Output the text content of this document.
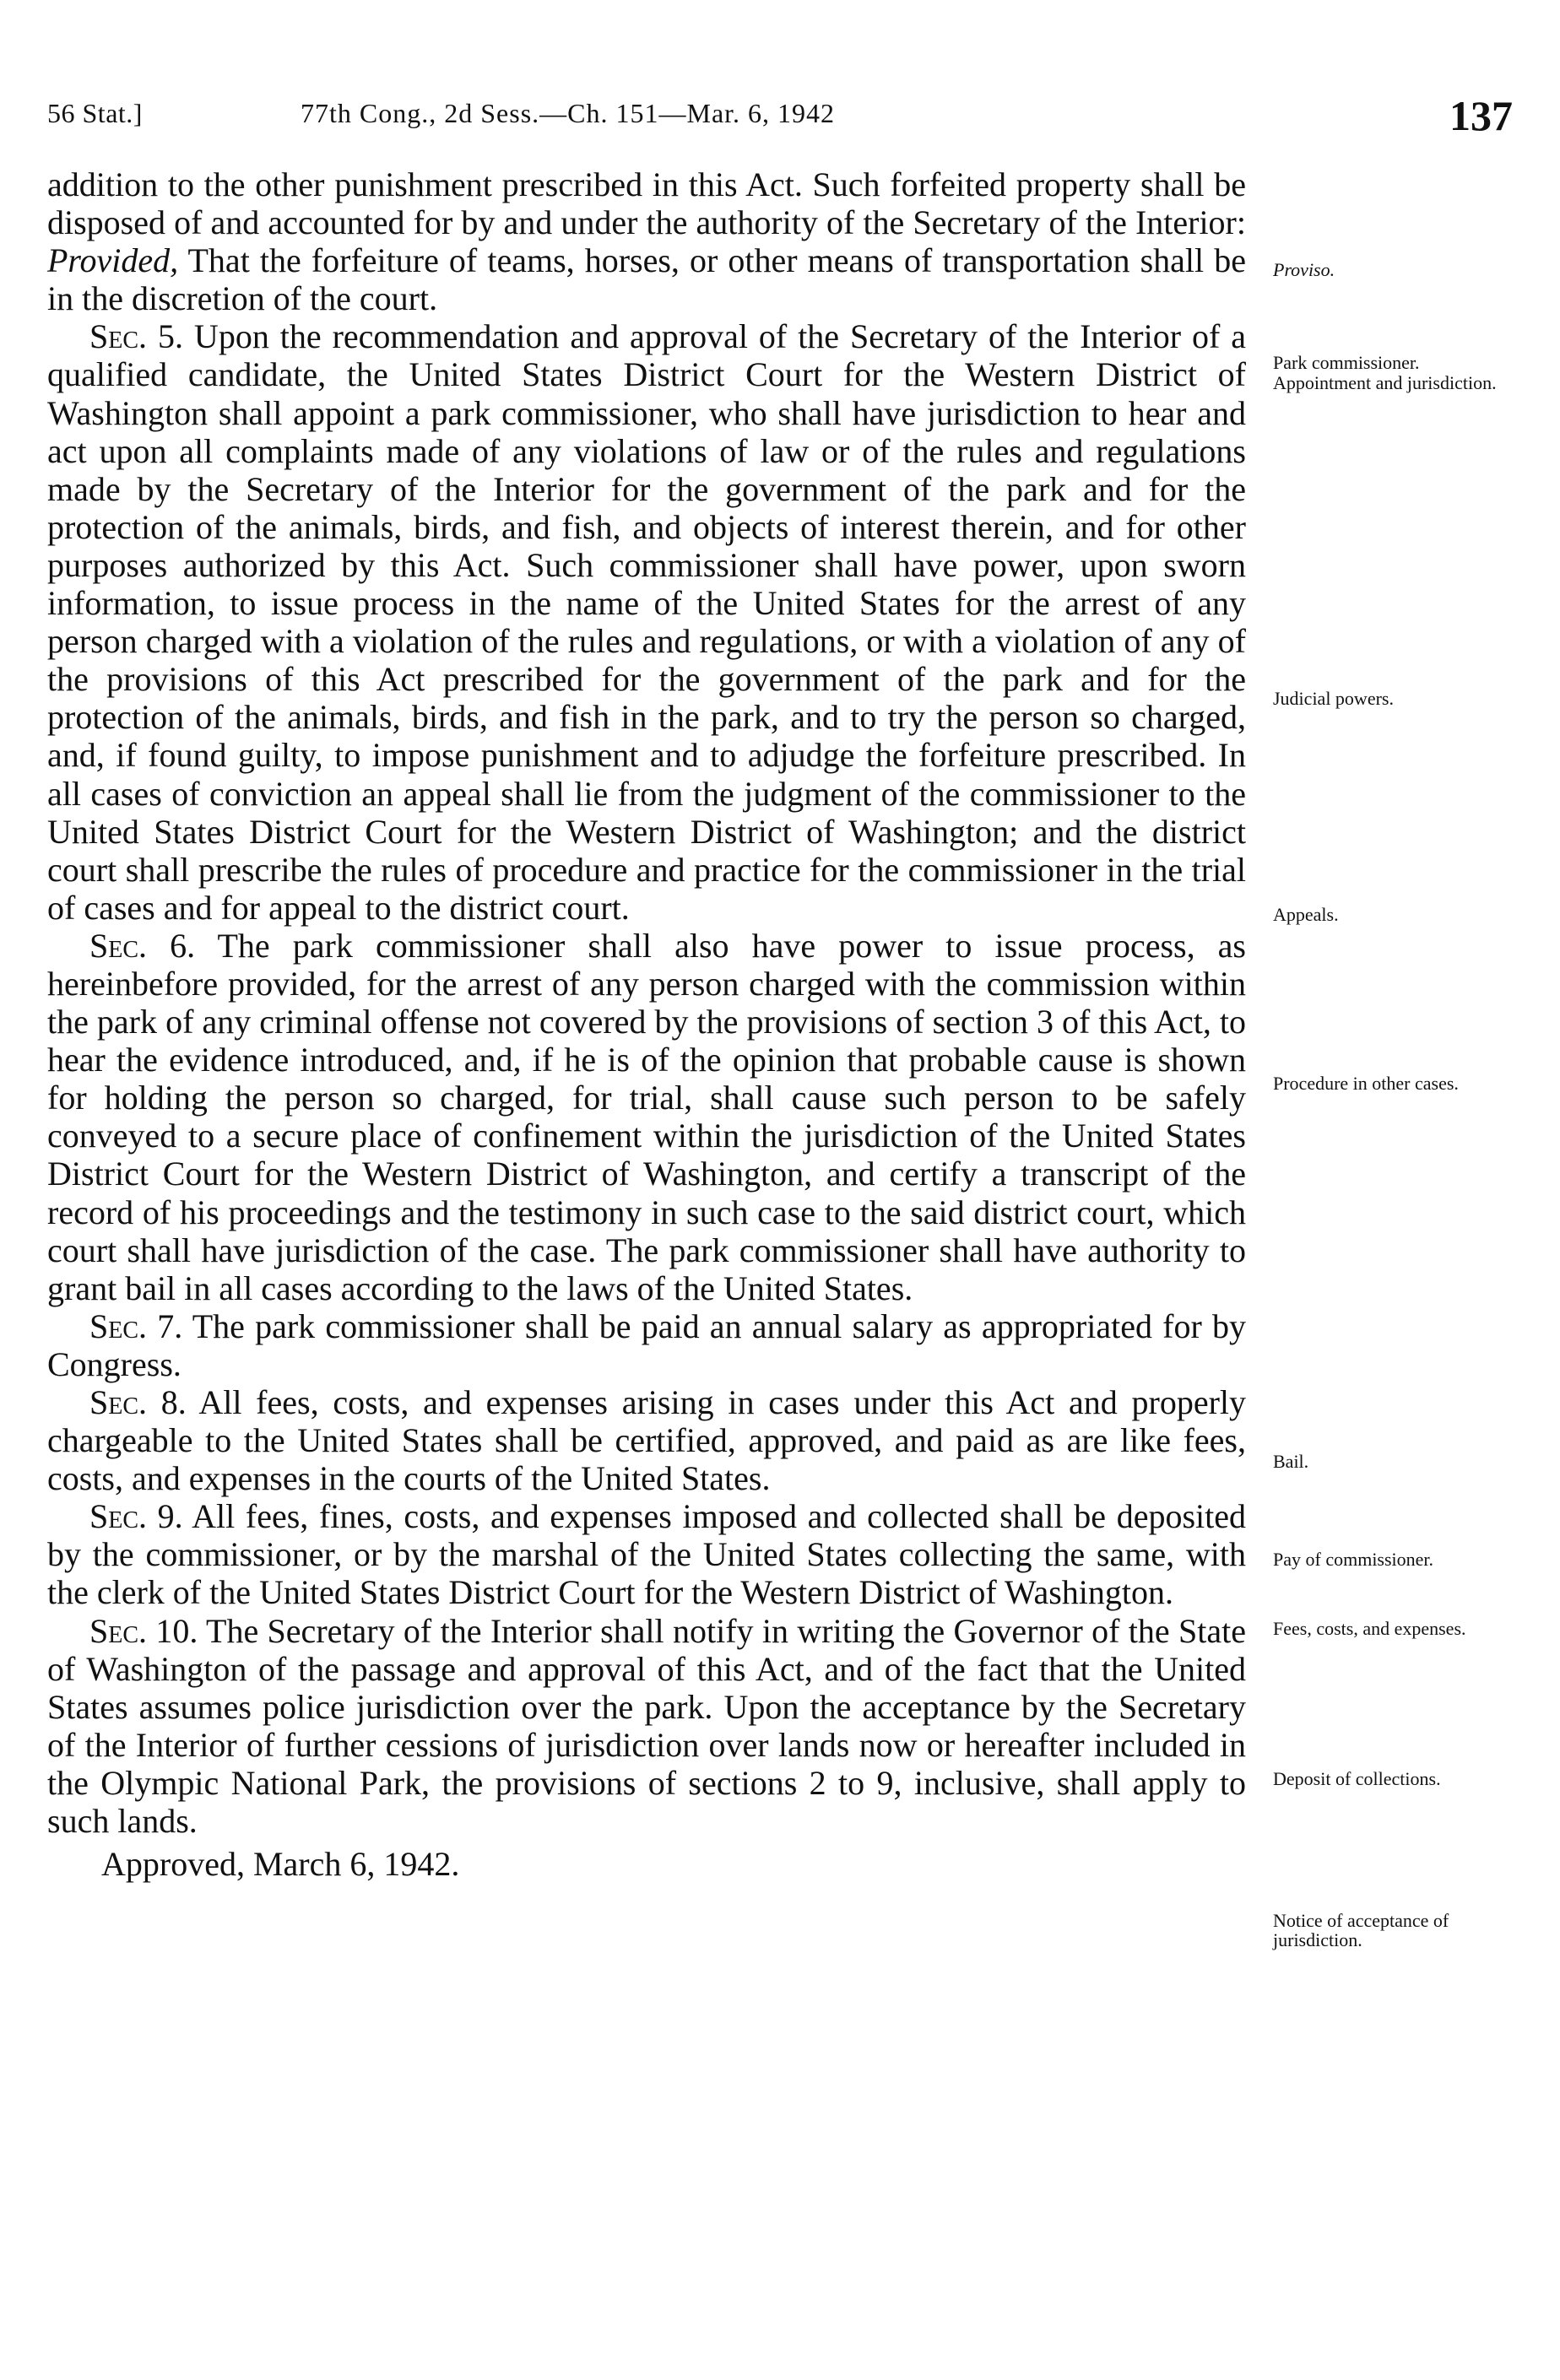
56 Stat.]	77th Cong., 2d Sess.—Ch. 151—Mar. 6, 1942	137

addition to the other punishment prescribed in this Act. Such forfeited property shall be disposed of and accounted for by and under the authority of the Secretary of the Interior: Provided, That the forfeiture of teams, horses, or other means of transportation shall be in the discretion of the court.

Sec. 5. Upon the recommendation and approval of the Secretary of the Interior of a qualified candidate, the United States District Court for the Western District of Washington shall appoint a park commissioner, who shall have jurisdiction to hear and act upon all complaints made of any violations of law or of the rules and regulations made by the Secretary of the Interior for the government of the park and for the protection of the animals, birds, and fish, and objects of interest therein, and for other purposes authorized by this Act. Such commissioner shall have power, upon sworn information, to issue process in the name of the United States for the arrest of any person charged with a violation of the rules and regulations, or with a violation of any of the provisions of this Act prescribed for the government of the park and for the protection of the animals, birds, and fish in the park, and to try the person so charged, and, if found guilty, to impose punishment and to adjudge the forfeiture prescribed. In all cases of conviction an appeal shall lie from the judgment of the commissioner to the United States District Court for the Western District of Washington; and the district court shall prescribe the rules of procedure and practice for the commissioner in the trial of cases and for appeal to the district court.

Sec. 6. The park commissioner shall also have power to issue process, as hereinbefore provided, for the arrest of any person charged with the commission within the park of any criminal offense not covered by the provisions of section 3 of this Act, to hear the evidence introduced, and, if he is of the opinion that probable cause is shown for holding the person so charged, for trial, shall cause such person to be safely conveyed to a secure place of confinement within the jurisdiction of the United States District Court for the Western District of Washington, and certify a transcript of the record of his proceedings and the testimony in such case to the said district court, which court shall have jurisdiction of the case. The park commissioner shall have authority to grant bail in all cases according to the laws of the United States.

Sec. 7. The park commissioner shall be paid an annual salary as appropriated for by Congress.

Sec. 8. All fees, costs, and expenses arising in cases under this Act and properly chargeable to the United States shall be certified, approved, and paid as are like fees, costs, and expenses in the courts of the United States.

Sec. 9. All fees, fines, costs, and expenses imposed and collected shall be deposited by the commissioner, or by the marshal of the United States collecting the same, with the clerk of the United States District Court for the Western District of Washington.

Sec. 10. The Secretary of the Interior shall notify in writing the Governor of the State of Washington of the passage and approval of this Act, and of the fact that the United States assumes police jurisdiction over the park. Upon the acceptance by the Secretary of the Interior of further cessions of jurisdiction over lands now or hereafter included in the Olympic National Park, the provisions of sections 2 to 9, inclusive, shall apply to such lands.

Approved, March 6, 1942.

Proviso.
Park commissioner.
Appointment and jurisdiction.
Judicial powers.
Appeals.
Procedure in other cases.
Bail.
Pay of commissioner.
Fees, costs, and expenses.
Deposit of collections.
Notice of acceptance of jurisdiction.
